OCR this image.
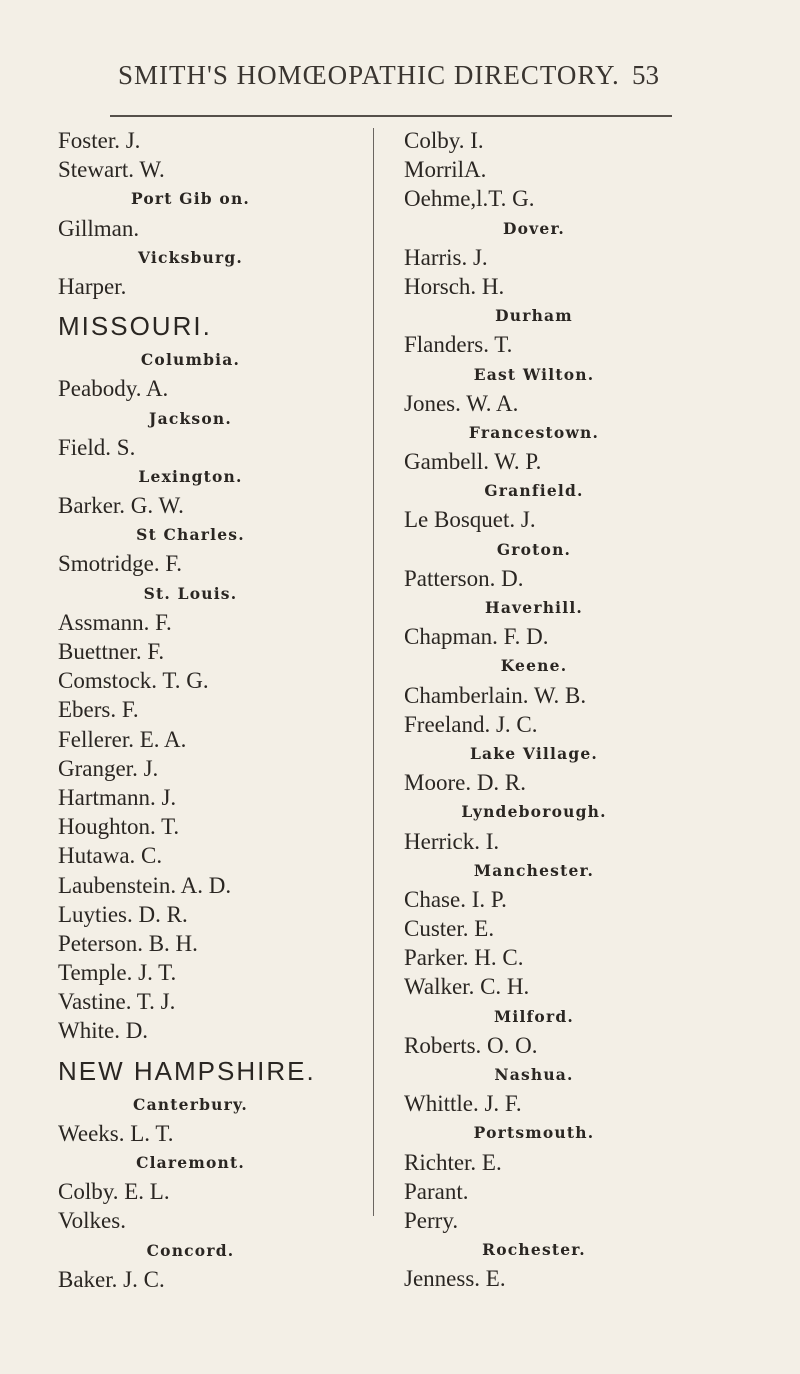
SMITH'S HOMŒOPATHIC DIRECTORY. 53
Foster. J.
Stewart. W.
Port Gib on.
Gillman.
Vicksburg.
Harper.
MISSOURI.
Columbia.
Peabody. A.
Jackson.
Field. S.
Lexington.
Barker. G. W.
St Charles.
Smotridge. F.
St. Louis.
Assmann. F.
Buettner. F.
Comstock. T. G.
Ebers. F.
Fellerer. E. A.
Granger. J.
Hartmann. J.
Houghton. T.
Hutawa. C.
Laubenstein. A. D.
Luyties. D. R.
Peterson. B. H.
Temple. J. T.
Vastine. T. J.
White. D.
NEW HAMPSHIRE.
Canterbury.
Weeks. L. T.
Claremont.
Colby. E. L.
Volkes.
Concord.
Baker. J. C.
Colby. I.
MorrilA.
Oehme,l.T. G.
Dover.
Harris. J.
Horsch. H.
Durham
Flanders. T.
East Wilton.
Jones. W. A.
Francestown.
Gambell. W. P.
Granfield.
Le Bosquet. J.
Groton.
Patterson. D.
Haverhill.
Chapman. F. D.
Keene.
Chamberlain. W. B.
Freeland. J. C.
Lake Village.
Moore. D. R.
Lyndeborough.
Herrick. I.
Manchester.
Chase. I. P.
Custer. E.
Parker. H. C.
Walker. C. H.
Milford.
Roberts. O. O.
Nashua.
Whittle. J. F.
Portsmouth.
Richter. E.
Parant.
Perry.
Rochester.
Jenness. E.
